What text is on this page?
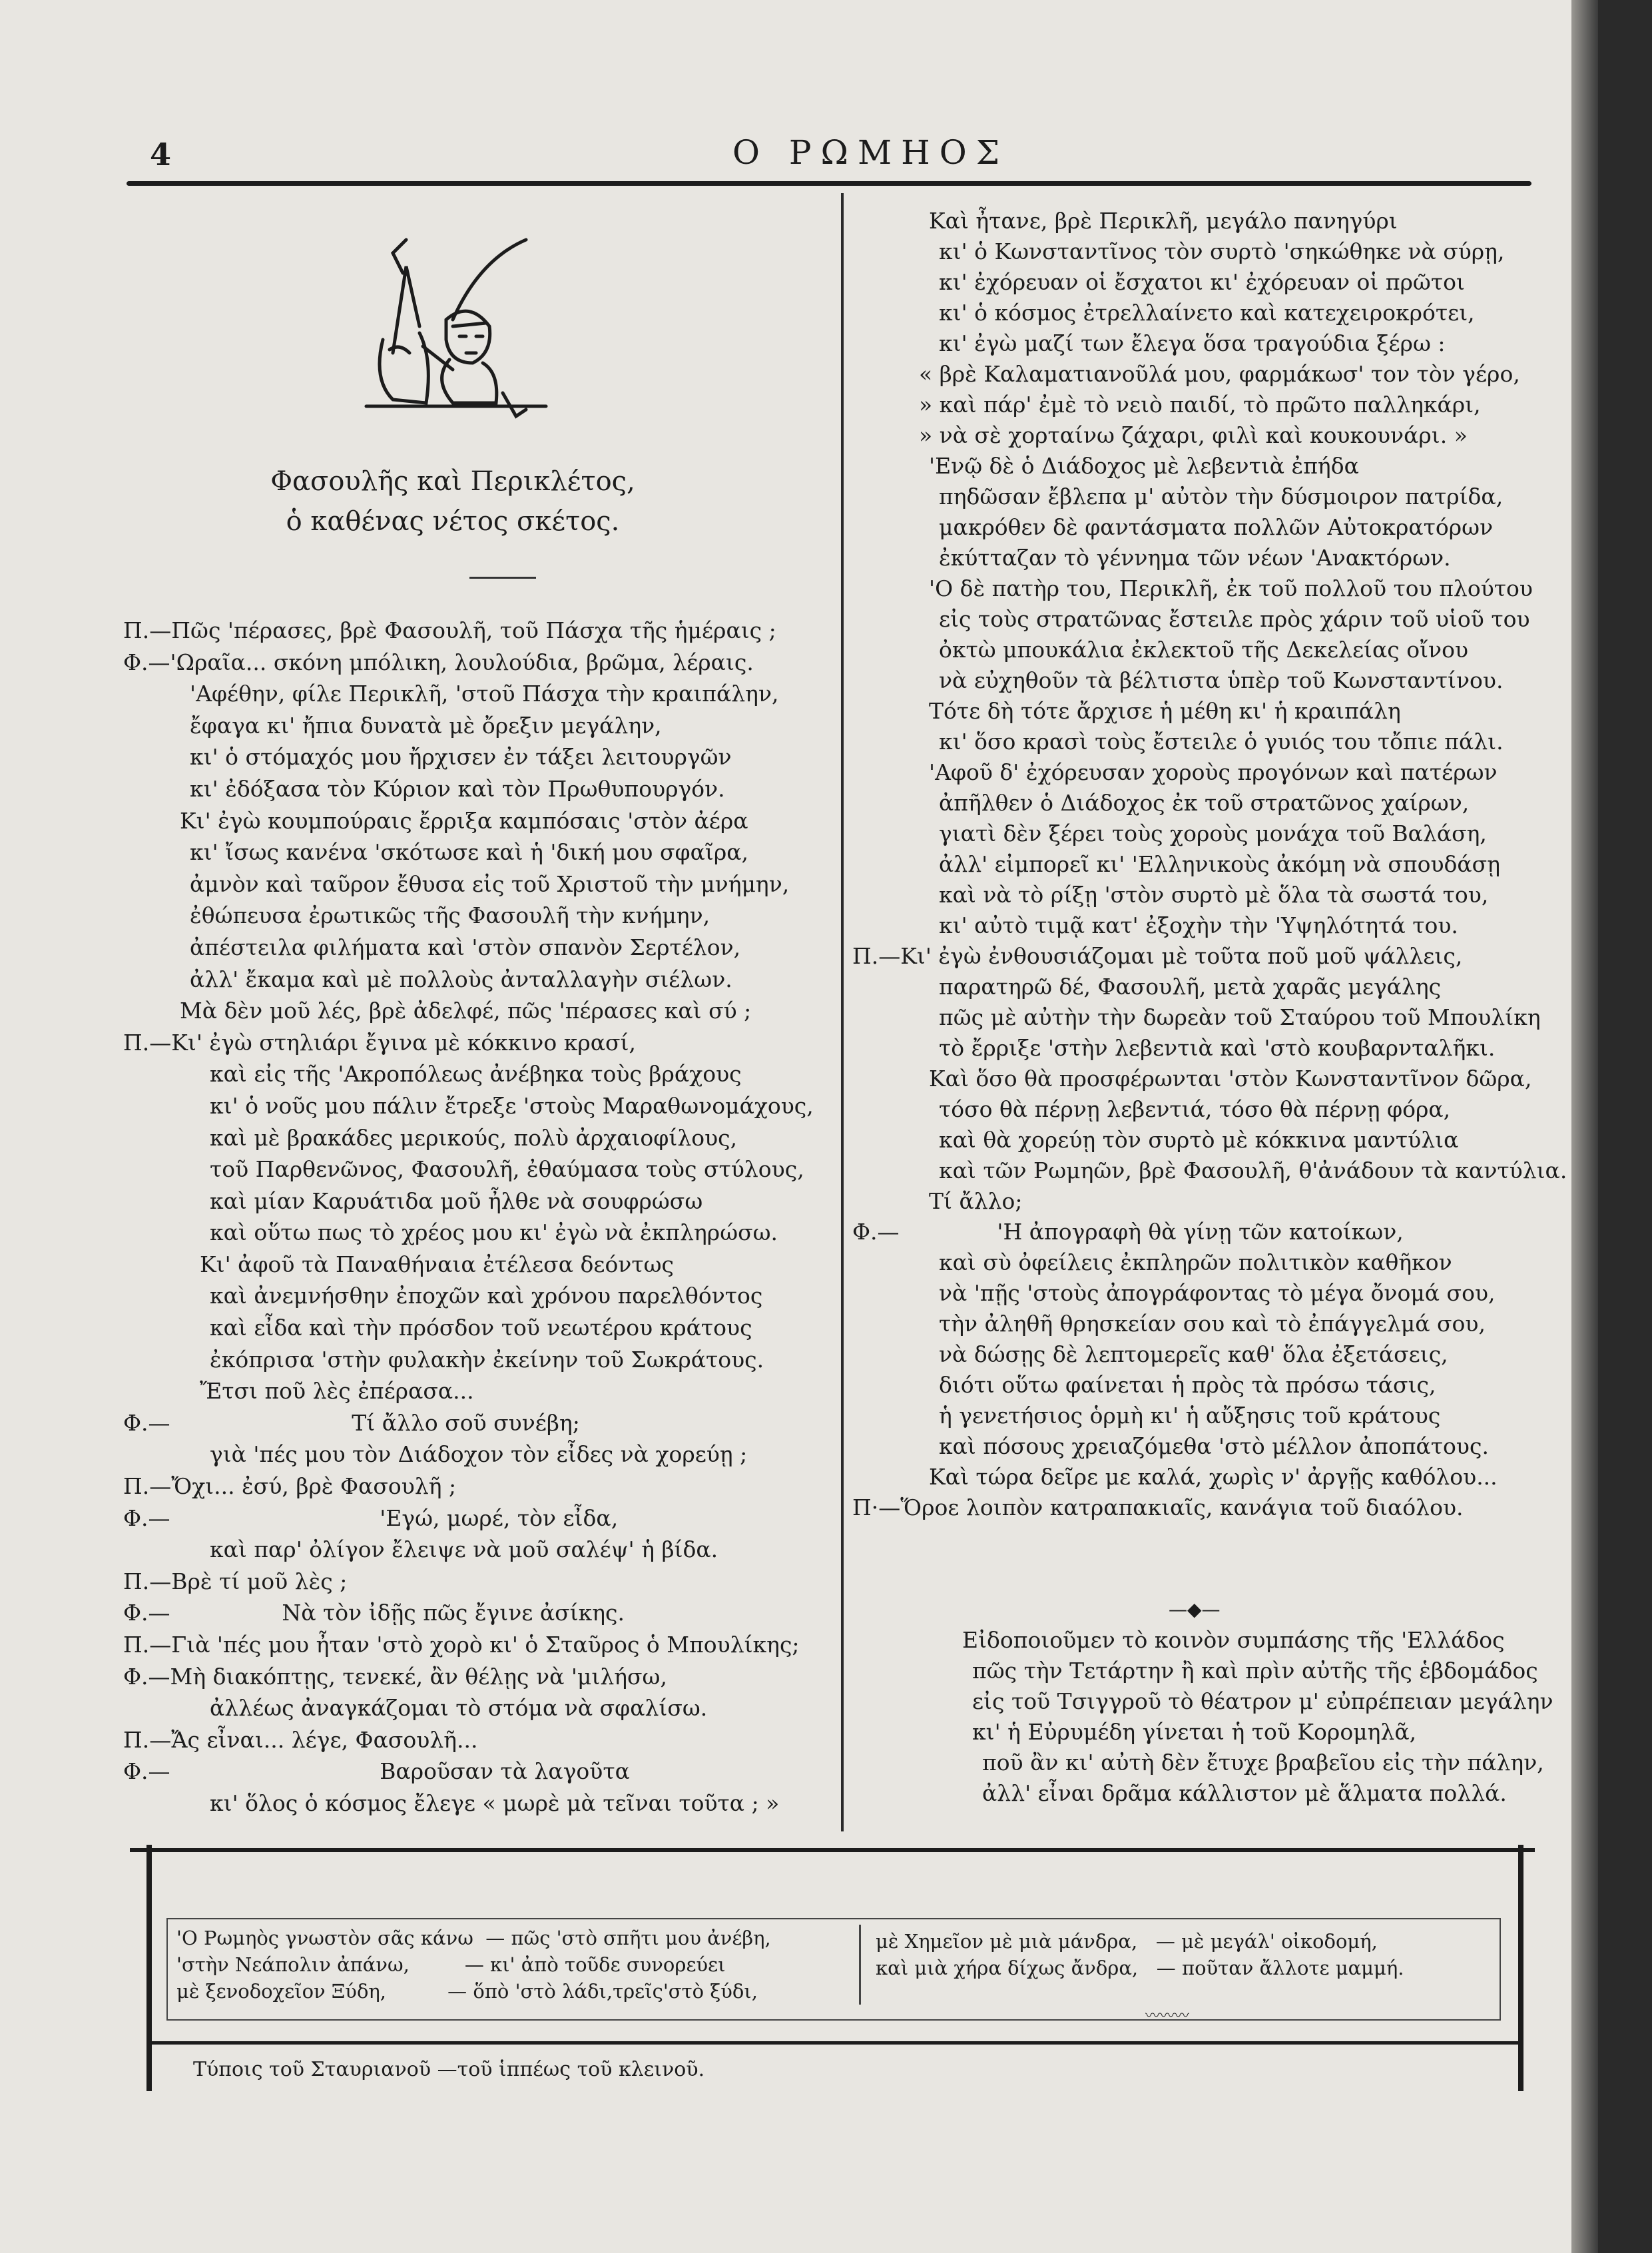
4	Ο ΡΩΜΗΟΣ
Φασουλῆς καὶ Περικλέτος,
ὁ καθένας νέτος σκέτος.
Π.—Πῶς 'πέρασες, βρὲ Φασουλῆ, τοῦ Πάσχα τῆς ἡμέραις ;
Φ.—'Ωραῖα... σκόνη μπόλικη, λουλούδια, βρῶμα, λέραις.
'Αφέθην, φίλε Περικλῆ, 'στοῦ Πάσχα τὴν κραιπάλην,
ἔφαγα κι' ἤπια δυνατὰ μὲ ὄρεξιν μεγάλην,
κι' ὁ στόμαχός μου ἤρχισεν ἐν τάξει λειτουργῶν
κι' ἐδόξασα τὸν Κύριον καὶ τὸν Πρωθυπουργόν.
Κι' ἐγὼ κουμπούραις ἔρριξα καμπόσαις 'στὸν ἀέρα
κι' ἴσως κανένα 'σκότωσε καὶ ἡ 'δική μου σφαῖρα,
ἀμνὸν καὶ ταῦρον ἔθυσα εἰς τοῦ Χριστοῦ τὴν μνήμην,
ἐθώπευσα ἐρωτικῶς τῆς Φασουλῆ τὴν κνήμην,
ἀπέστειλα φιλήματα καὶ 'στὸν σπανὸν Σερτέλον,
ἀλλ' ἔκαμα καὶ μὲ πολλοὺς ἀνταλλαγὴν σιέλων.
Μὰ δὲν μοῦ λές, βρὲ ἀδελφέ, πῶς 'πέρασες καὶ σύ ;
Π.—Κι' ἐγὼ στηλιάρι ἔγινα μὲ κόκκινο κρασί,
καὶ εἰς τῆς 'Ακροπόλεως ἀνέβηκα τοὺς βράχους
κι' ὁ νοῦς μου πάλιν ἔτρεξε 'στοὺς Μαραθωνομάχους,
καὶ μὲ βρακάδες μερικούς, πολὺ ἀρχαιοφίλους,
τοῦ Παρθενῶνος, Φασουλῆ, ἐθαύμασα τοὺς στύλους,
καὶ μίαν Καρυάτιδα μοῦ ἦλθε νὰ σουφρώσω
καὶ οὕτω πως τὸ χρέος μου κι' ἐγὼ νὰ ἐκπληρώσω.
Κι' ἀφοῦ τὰ Παναθήναια ἐτέλεσα δεόντως
καὶ ἀνεμνήσθην ἐποχῶν καὶ χρόνου παρελθόντος
καὶ εἶδα καὶ τὴν πρόσδον τοῦ νεωτέρου κράτους
ἐκόπρισα 'στὴν φυλακὴν ἐκείνην τοῦ Σωκράτους.
Ἔτσι ποῦ λὲς ἐπέρασα...
Φ.—                          Τί ἄλλο σοῦ συνέβη;
γιὰ 'πές μου τὸν Διάδοχον τὸν εἶδες νὰ χορεύῃ ;
Π.—Ὄχι... ἐσύ, βρὲ Φασουλῆ ;
Φ.—                              'Εγώ, μωρέ, τὸν εἶδα,
καὶ παρ' ὀλίγον ἔλειψε νὰ μοῦ σαλέψ' ἡ βίδα.
Π.—Βρὲ τί μοῦ λὲς ;
Φ.—                Νὰ τὸν ἰδῇς πῶς ἔγινε ἀσίκης.
Π.—Γιὰ 'πές μου ἦταν 'στὸ χορὸ κι' ὁ Σταῦρος ὁ Μπουλίκης;
Φ.—Μὴ διακόπτῃς, τενεκέ, ἂν θέλῃς νὰ 'μιλήσω,
ἀλλέως ἀναγκάζομαι τὸ στόμα νὰ σφαλίσω.
Π.—Ἄς εἶναι... λέγε, Φασουλῆ...
Φ.—                              Βαροῦσαν τὰ λαγοῦτα
κι' ὅλος ὁ κόσμος ἔλεγε « μωρὲ μὰ τεῖναι τοῦτα ; »
Καὶ ἦτανε, βρὲ Περικλῆ, μεγάλο πανηγύρι
κι' ὁ Κωνσταντῖνος τὸν συρτὸ 'σηκώθηκε νὰ σύρῃ,
κι' ἐχόρευαν οἱ ἔσχατοι κι' ἐχόρευαν οἱ πρῶτοι
κι' ὁ κόσμος ἐτρελλαίνετο καὶ κατεχειροκρότει,
κι' ἐγὼ μαζί των ἔλεγα ὅσα τραγούδια ξέρω :
« βρὲ Καλαματιανοῦλά μου, φαρμάκωσ' τον τὸν γέρο,
» καὶ πάρ' ἐμὲ τὸ νειὸ παιδί, τὸ πρῶτο παλληκάρι,
» νὰ σὲ χορταίνω ζάχαρι, φιλὶ καὶ κουκουνάρι. »
'Ενῷ δὲ ὁ Διάδοχος μὲ λεβεντιὰ ἐπήδα
πηδῶσαν ἔβλεπα μ' αὐτὸν τὴν δύσμοιρον πατρίδα,
μακρόθεν δὲ φαντάσματα πολλῶν Αὐτοκρατόρων
ἐκύτταζαν τὸ γέννημα τῶν νέων 'Ανακτόρων.
'Ο δὲ πατὴρ του, Περικλῆ, ἐκ τοῦ πολλοῦ του πλούτου
εἰς τοὺς στρατῶνας ἔστειλε πρὸς χάριν τοῦ υἱοῦ του
ὀκτὼ μπουκάλια ἐκλεκτοῦ τῆς Δεκελείας οἴνου
νὰ εὐχηθοῦν τὰ βέλτιστα ὑπὲρ τοῦ Κωνσταντίνου.
Τότε δὴ τότε ἄρχισε ἡ μέθη κι' ἡ κραιπάλη
κι' ὅσο κρασὶ τοὺς ἔστειλε ὁ γυιός του τὄπιε πάλι.
'Αφοῦ δ' ἐχόρευσαν χοροὺς προγόνων καὶ πατέρων
ἀπῆλθεν ὁ Διάδοχος ἐκ τοῦ στρατῶνος χαίρων,
γιατὶ δὲν ξέρει τοὺς χοροὺς μονάχα τοῦ Βαλάση,
ἀλλ' εἰμπορεῖ κι' 'Ελληνικοὺς ἀκόμη νὰ σπουδάσῃ
καὶ νὰ τὸ ρίξῃ 'στὸν συρτὸ μὲ ὅλα τὰ σωστά του,
κι' αὐτὸ τιμᾷ κατ' ἐξοχὴν τὴν 'Υψηλότητά του.
Π.—Κι' ἐγὼ ἐνθουσιάζομαι μὲ τοῦτα ποῦ μοῦ ψάλλεις,
παρατηρῶ δέ, Φασουλῆ, μετὰ χαρᾶς μεγάλης
πῶς μὲ αὐτὴν τὴν δωρεὰν τοῦ Σταύρου τοῦ Μπουλίκη
τὸ ἔρριξε 'στὴν λεβεντιὰ καὶ 'στὸ κουβαρνταλῆκι.
Καὶ ὅσο θὰ προσφέρωνται 'στὸν Κωνσταντῖνον δῶρα,
τόσο θὰ πέρνῃ λεβεντιά, τόσο θὰ πέρνῃ φόρα,
καὶ θὰ χορεύῃ τὸν συρτὸ μὲ κόκκινα μαντύλια
καὶ τῶν Ρωμηῶν, βρὲ Φασουλῆ, θ'ἀνάδουν τὰ καντύλια.
Τί ἄλλο;
Φ.—              'Η ἀπογραφὴ θὰ γίνῃ τῶν κατοίκων,
καὶ σὺ ὀφείλεις ἐκπληρῶν πολιτικὸν καθῆκον
νὰ 'πῇς 'στοὺς ἀπογράφοντας τὸ μέγα ὄνομά σου,
τὴν ἀληθῆ θρησκείαν σου καὶ τὸ ἐπάγγελμά σου,
νὰ δώσῃς δὲ λεπτομερεῖς καθ' ὅλα ἐξετάσεις,
διότι οὕτω φαίνεται ἡ πρὸς τὰ πρόσω τάσις,
ἡ γενετήσιος ὁρμὴ κι' ἡ αὔξησις τοῦ κράτους
καὶ πόσους χρειαζόμεθα 'στὸ μέλλον ἀποπάτους.
Καὶ τώρα δεῖρε με καλά, χωρὶς ν' ἀργῇς καθόλου...
Π·—Ὅροε λοιπὸν κατραπακιαῖς, κανάγια τοῦ διαόλου.
—◆—
Εἰδοποιοῦμεν τὸ κοινὸν συμπάσης τῆς 'Ελλάδος
πῶς τὴν Τετάρτην ἢ καὶ πρὶν αὐτῆς τῆς ἑβδομάδος
εἰς τοῦ Τσιγγροῦ τὸ θέατρον μ' εὐπρέπειαν μεγάλην
κι' ἡ Εὐρυμέδη γίνεται ἡ τοῦ Κορομηλᾶ,
ποῦ ἂν κι' αὐτὴ δὲν ἔτυχε βραβεῖου εἰς τὴν πάλην,
ἀλλ' εἶναι δρᾶμα κάλλιστον μὲ ἅλματα πολλά.
'Ο Ρωμηὸς γνωστὸν σᾶς κάνω  — πῶς 'στὸ σπῆτι μου ἀνέβη,
'στὴν Νεάπολιν ἀπάνω,         — κι' ἀπὸ τοῦδε συνορεύει
μὲ ξενοδοχεῖον Ξύδη,          — ὅπὸ 'στὸ λάδι,τρεῖς'στὸ ξύδι,
μὲ Χημεῖον μὲ μιὰ μάνδρα,   — μὲ μεγάλ' οἰκοδομή,
καὶ μιὰ χήρα δίχως ἄνδρα,   — ποῦταν ἄλλοτε μαμμή.
〰〰〰
Τύποις τοῦ Σταυριανοῦ —τοῦ ἱππέως τοῦ κλεινοῦ.
